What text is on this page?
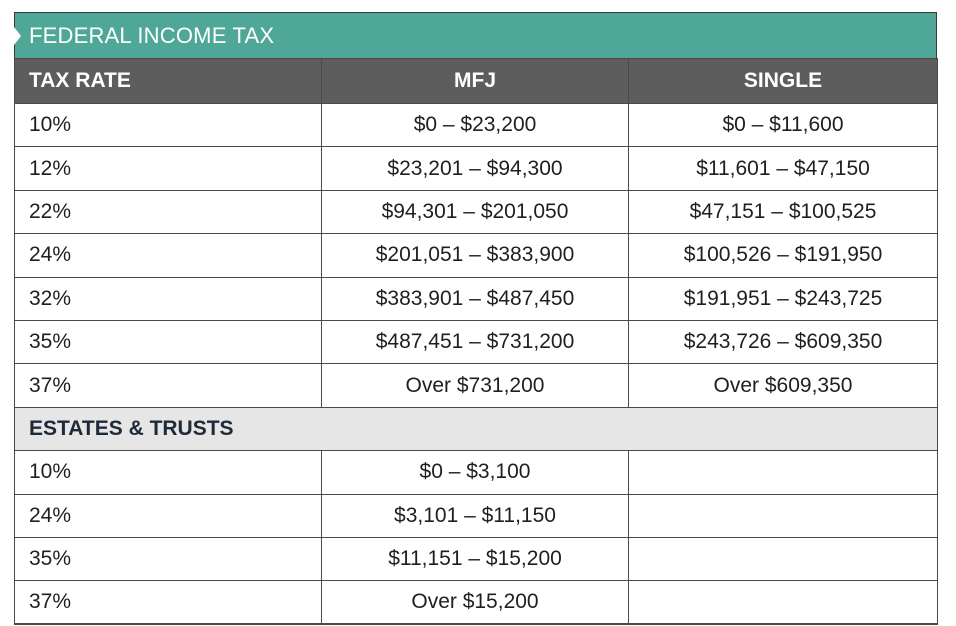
FEDERAL INCOME TAX
TAX RATE	MFJ	SINGLE
10%	$0 – $23,200	$0 – $11,600
12%	$23,201 – $94,300	$11,601 – $47,150
22%	$94,301 – $201,050	$47,151 – $100,525
24%	$201,051 – $383,900	$100,526 – $191,950
32%	$383,901 – $487,450	$191,951 – $243,725
35%	$487,451 – $731,200	$243,726 – $609,350
37%	Over $731,200	Over $609,350
ESTATES & TRUSTS		
10%	$0 – $3,100	
24%	$3,101 – $11,150	
35%	$11,151 – $15,200	
37%	Over $15,200	
